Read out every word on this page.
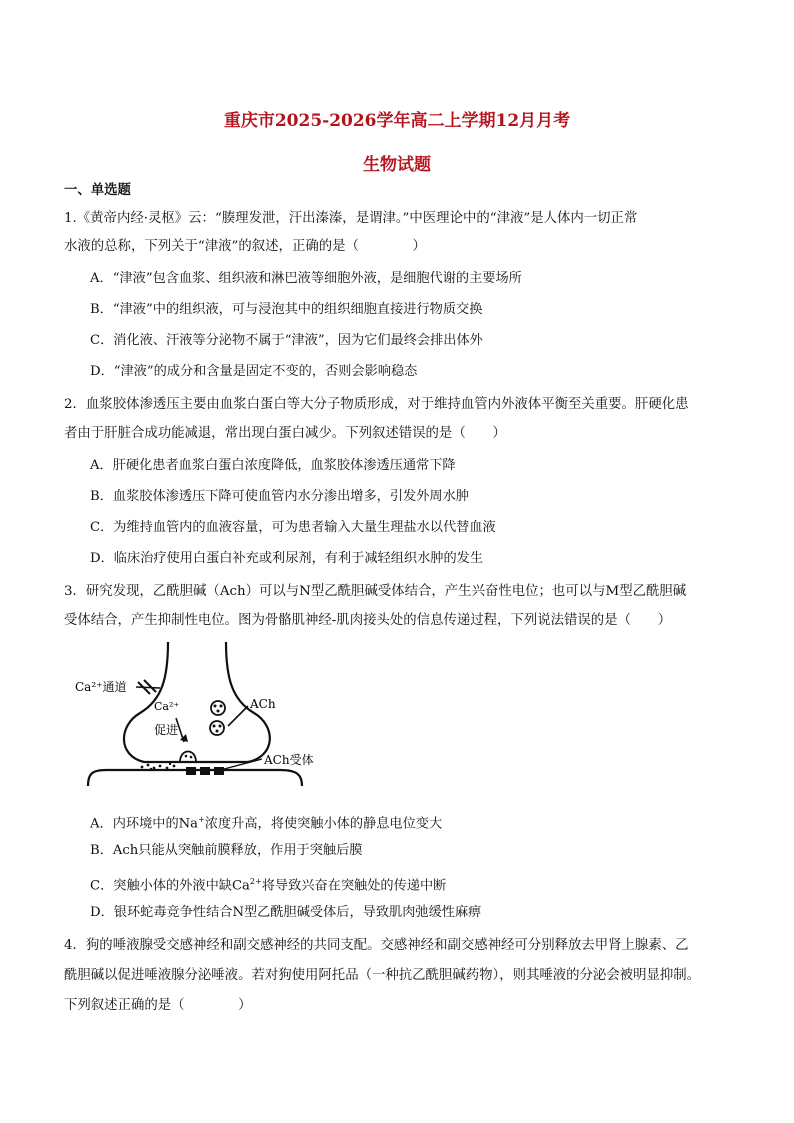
重庆市2025-2026学年高二上学期12月月考
生物试题
一、单选题
1.《黄帝内经·灵枢》云：“腠理发泄，汗出溱溱，是谓津。”中医理论中的“津液”是人体内一切正常
水液的总称，下列关于“津液”的叙述，正确的是（　　　　）
A．“津液”包含血浆、组织液和淋巴液等细胞外液，是细胞代谢的主要场所
B．“津液”中的组织液，可与浸泡其中的组织细胞直接进行物质交换
C．消化液、汗液等分泌物不属于“津液”，因为它们最终会排出体外
D．“津液”的成分和含量是固定不变的，否则会影响稳态
2．血浆胶体渗透压主要由血浆白蛋白等大分子物质形成，对于维持血管内外液体平衡至关重要。肝硬化患
者由于肝脏合成功能减退，常出现白蛋白减少。下列叙述错误的是（　　）
A．肝硬化患者血浆白蛋白浓度降低，血浆胶体渗透压通常下降
B．血浆胶体渗透压下降可使血管内水分渗出增多，引发外周水肿
C．为维持血管内的血液容量，可为患者输入大量生理盐水以代替血液
D．临床治疗使用白蛋白补充或利尿剂，有利于减轻组织水肿的发生
3．研究发现，乙酰胆碱（Ach）可以与N型乙酰胆碱受体结合，产生兴奋性电位；也可以与M型乙酰胆碱
受体结合，产生抑制性电位。图为骨骼肌神经-肌肉接头处的信息传递过程，下列说法错误的是（　　）
Ca²⁺通道
Ca²⁺
促进
ACh
ACh受体
A．内环境中的Na+浓度升高，将使突触小体的静息电位变大
B．Ach只能从突触前膜释放，作用于突触后膜
C．突触小体的外液中缺$Ca^{2+}$将导致兴奋在突触处的传递中断
D．银环蛇毒竞争性结合N型乙酰胆碱受体后，导致肌肉弛缓性麻痹
4．狗的唾液腺受交感神经和副交感神经的共同支配。交感神经和副交感神经可分别释放去甲肾上腺素、乙
酰胆碱以促进唾液腺分泌唾液。若对狗使用阿托品（一种抗乙酰胆碱药物），则其唾液的分泌会被明显抑制。
下列叙述正确的是（　　　　）
